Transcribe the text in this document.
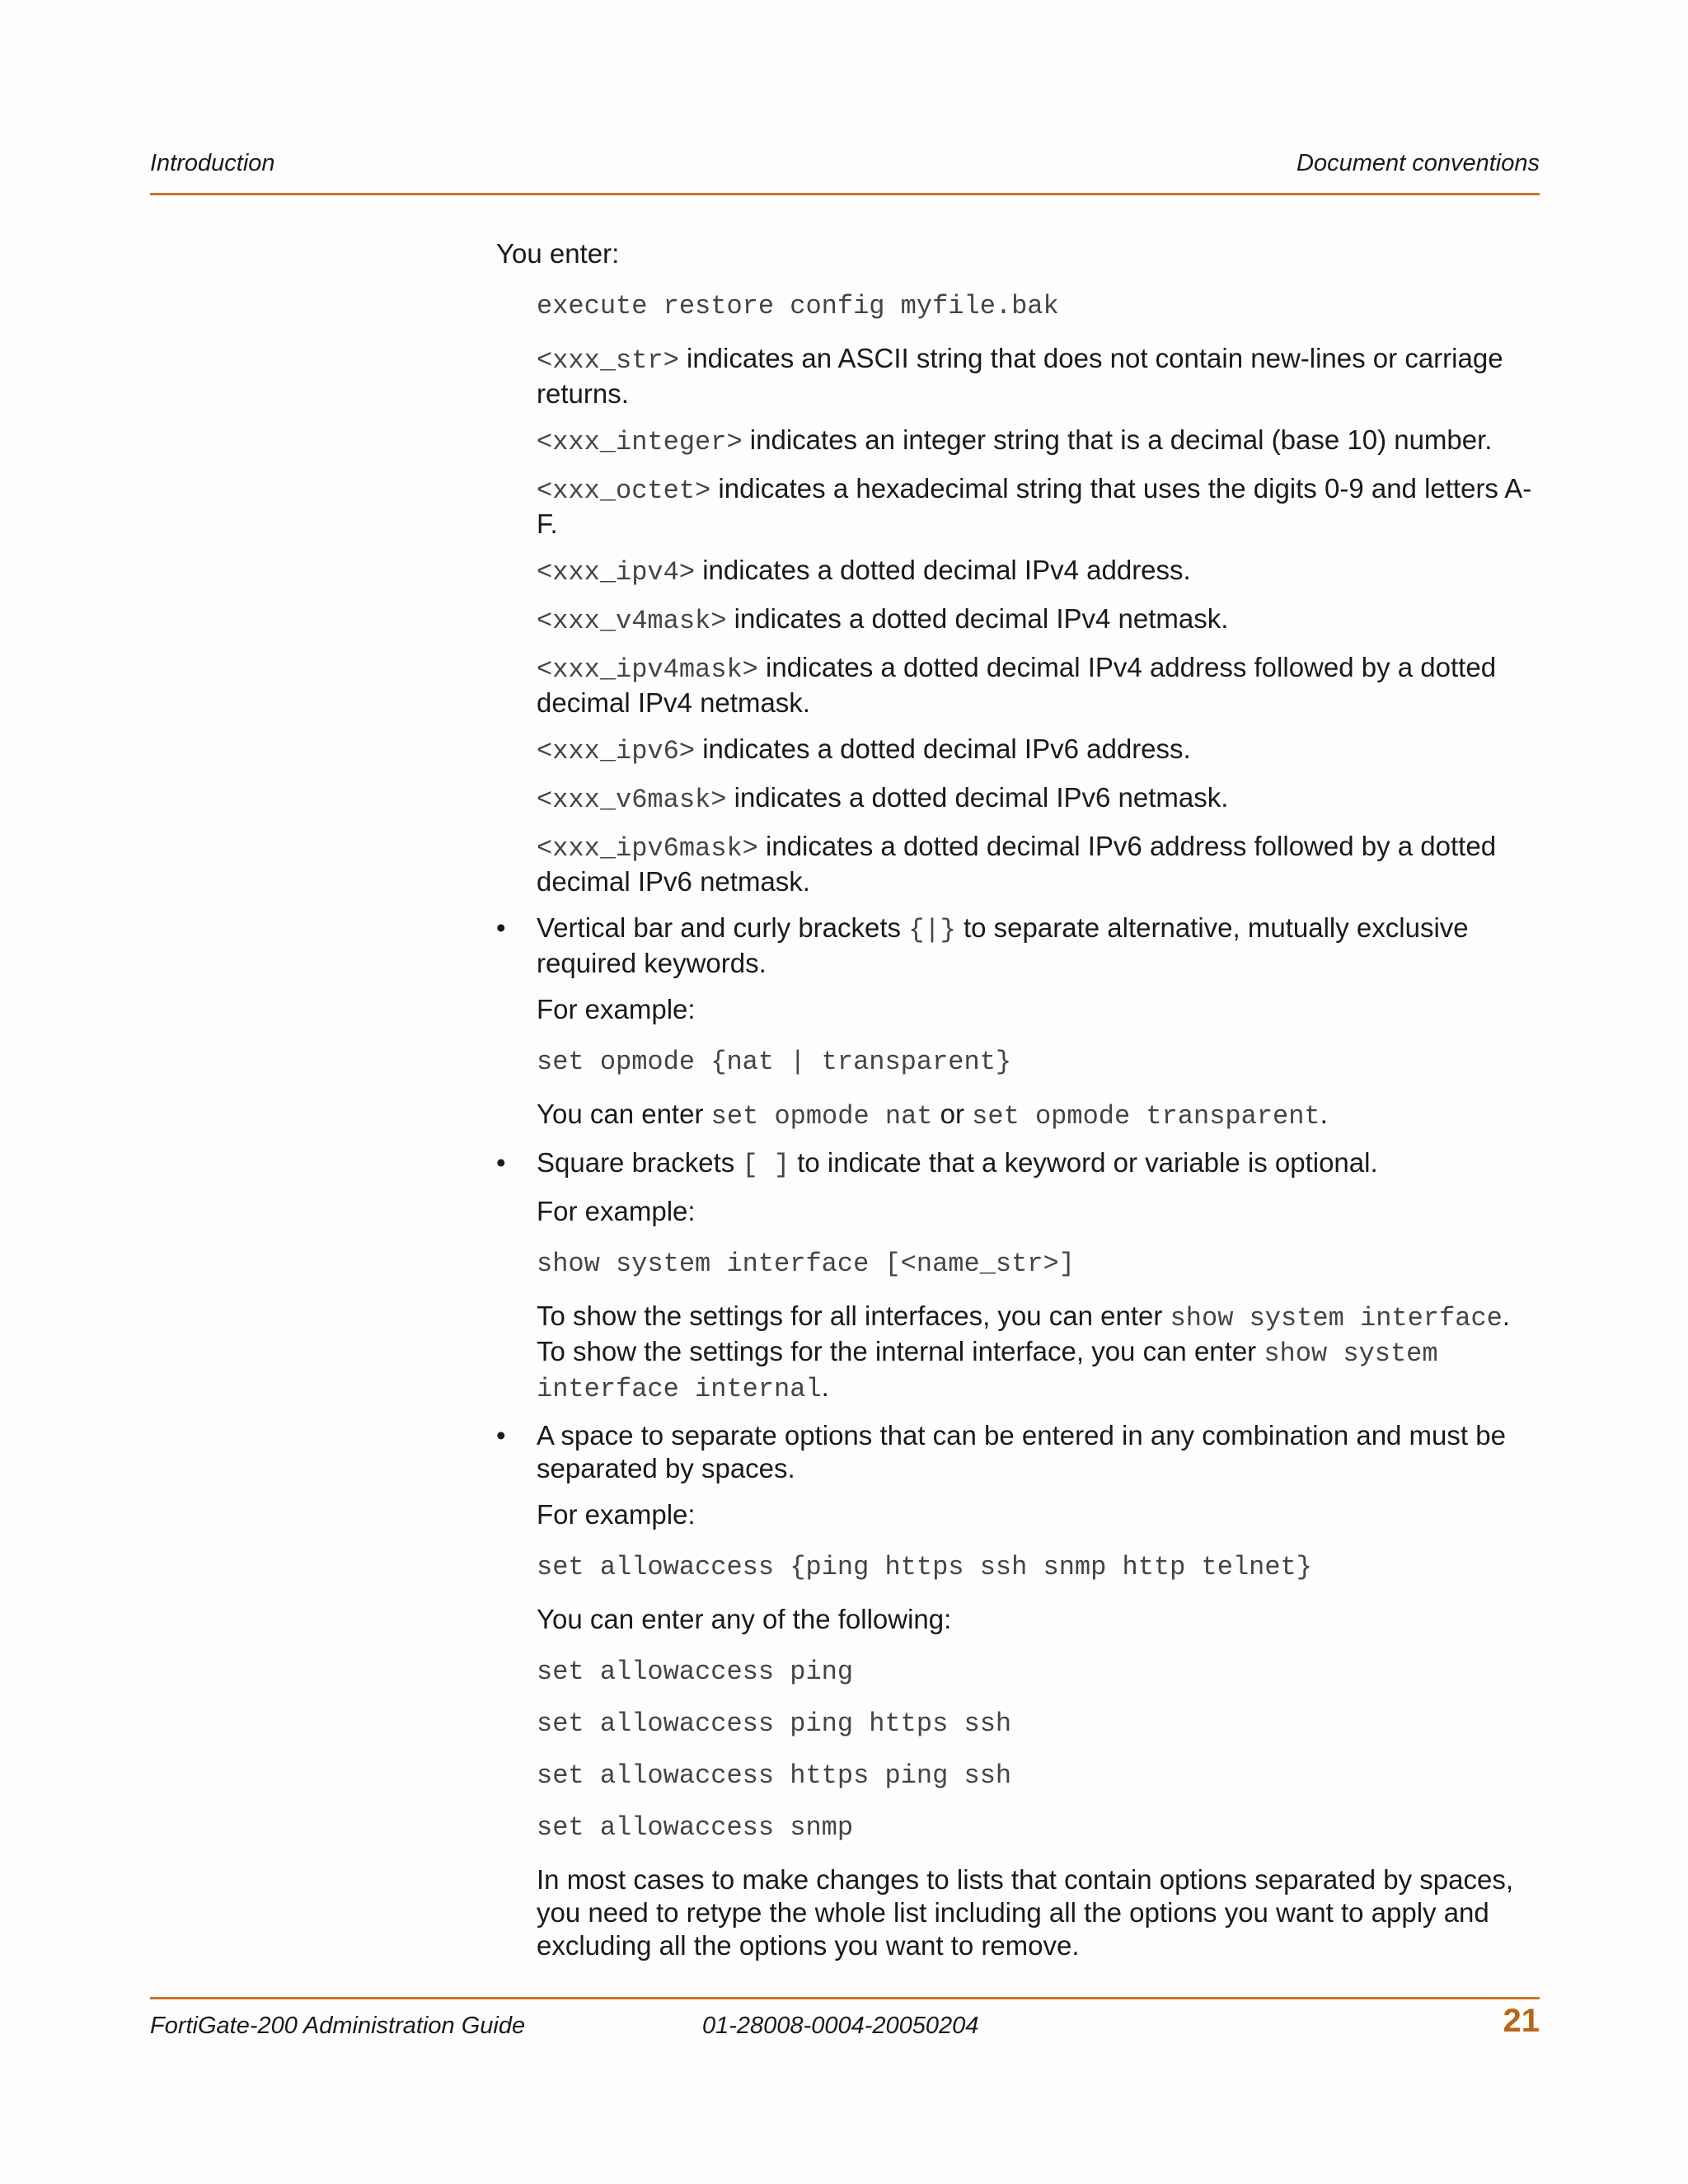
Introduction	Document conventions

You enter:

execute restore config myfile.bak

<xxx_str> indicates an ASCII string that does not contain new-lines or carriage returns.

<xxx_integer> indicates an integer string that is a decimal (base 10) number.

<xxx_octet> indicates a hexadecimal string that uses the digits 0-9 and letters A-F.

<xxx_ipv4> indicates a dotted decimal IPv4 address.

<xxx_v4mask> indicates a dotted decimal IPv4 netmask.

<xxx_ipv4mask> indicates a dotted decimal IPv4 address followed by a dotted decimal IPv4 netmask.

<xxx_ipv6> indicates a dotted decimal IPv6 address.

<xxx_v6mask> indicates a dotted decimal IPv6 netmask.

<xxx_ipv6mask> indicates a dotted decimal IPv6 address followed by a dotted decimal IPv6 netmask.

• Vertical bar and curly brackets {|} to separate alternative, mutually exclusive required keywords.

For example:

set opmode {nat | transparent}

You can enter set opmode nat or set opmode transparent.

• Square brackets [ ] to indicate that a keyword or variable is optional.

For example:

show system interface [<name_str>]

To show the settings for all interfaces, you can enter show system interface. To show the settings for the internal interface, you can enter show system interface internal.

• A space to separate options that can be entered in any combination and must be separated by spaces.

For example:

set allowaccess {ping https ssh snmp http telnet}

You can enter any of the following:

set allowaccess ping

set allowaccess ping https ssh

set allowaccess https ping ssh

set allowaccess snmp

In most cases to make changes to lists that contain options separated by spaces, you need to retype the whole list including all the options you want to apply and excluding all the options you want to remove.

FortiGate-200 Administration Guide	01-28008-0004-20050204	21
